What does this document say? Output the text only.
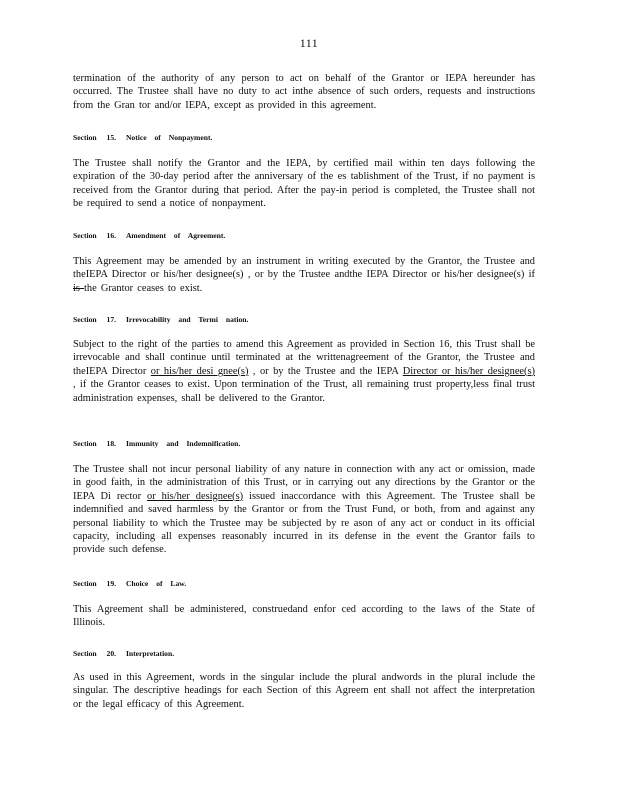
111
termination of the authority of any person to act on behalf of the Grantor or IEPA hereunder has occurred. The Trustee shall have no duty to act inthe absence of such orders, requests and instructions from the Gran tor and/or IEPA, except as provided in this agreement.
Section 15. Notice of Nonpayment.
The Trustee shall notify the Grantor and the IEPA, by certified mail within ten days following the expiration of the 30-day period after the anniversary of the es tablishment of the Trust, if no payment is received from the Grantor during that period. After the pay-in period is completed, the Trustee shall not be required to send a notice of nonpayment.
Section 16. Amendment of Agreement.
This Agreement may be amended by an instrument in writing executed by the Grantor, the Trustee and theIEPA Director or his/her designee(s) , or by the Trustee andthe IEPA Director or his/her designee(s) if is the Grantor ceases to exist.
Section 17. Irrevocability and Termi nation.
Subject to the right of the parties to amend this Agreement as provided in Section 16, this Trust shall be irrevocable and shall continue until terminated at the writtenagreement of the Grantor, the Trustee and theIEPA Director or his/her desi gnee(s) , or by the Trustee and the IEPA Director or his/her designee(s) , if the Grantor ceases to exist. Upon termination of the Trust, all remaining trust property,less final trust administration expenses, shall be delivered to the Grantor.
Section 18. Immunity and Indemnification.
The Trustee shall not incur personal liability of any nature in connection with any act or omission, made in good faith, in the administration of this Trust, or in carrying out any directions by the Grantor or the IEPA Di rector or his/her designee(s) issued inaccordance with this Agreement. The Trustee shall be indemnified and saved harmless by the Grantor or from the Trust Fund, or both, from and against any personal liability to which the Trustee may be subjected by re ason of any act or conduct in its official capacity, including all expenses reasonably incurred in its defense in the event the Grantor fails to provide such defense.
Section 19. Choice of Law.
This Agreement shall be administered, construedand enfor ced according to the laws of the State of Illinois.
Section 20. Interpretation.
As used in this Agreement, words in the singular include the plural andwords in the plural include the singular. The descriptive headings for each Section of this Agreem ent shall not affect the interpretation or the legal efficacy of this Agreement.
